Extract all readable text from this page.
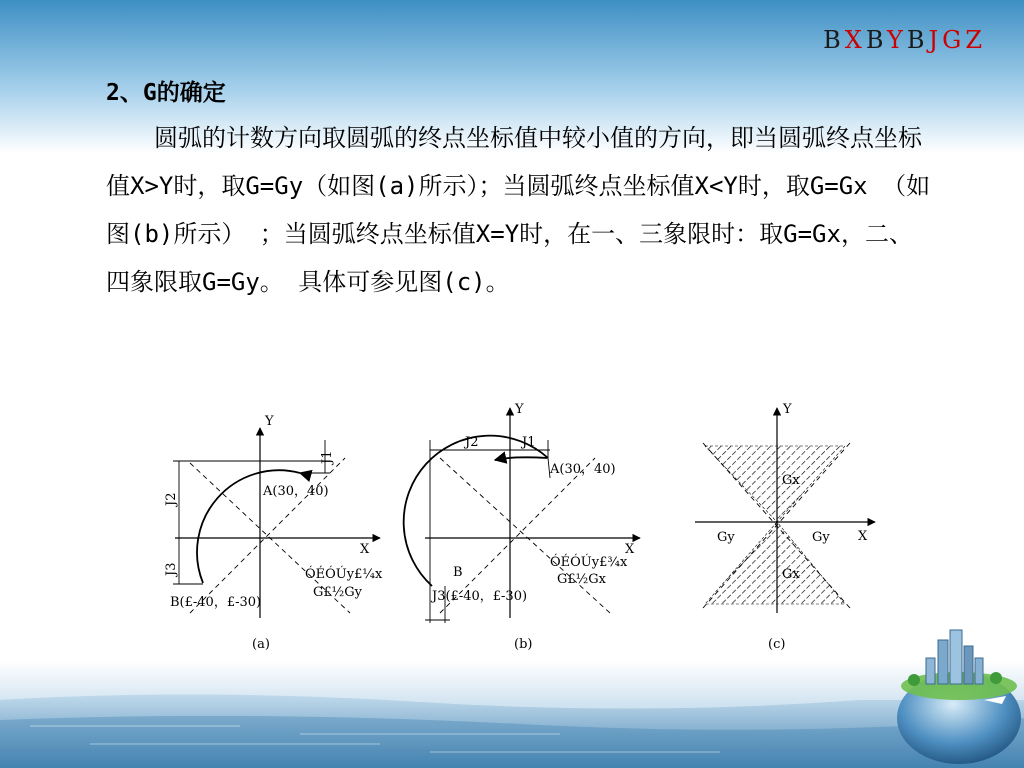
BXBYBJGZ
2、G的确定

　　圆弧的计数方向取圆弧的终点坐标值中较小值的方向，即当圆弧终点坐标值X>Y时，取G=Gy（如图(a)所示）；当圆弧终点坐标值X<Y时，取G=Gx （如图(b)所示） ；当圆弧终点坐标值X=Y时，在一、三象限时：取G=Gx，二、四象限取G=Gy。 具体可参见图(c)。

Y
X
J1
J2
J3
A(30，40)
B(£-40，£-30)
ÓÉÓÚy£¼x
G£½Gy
(a)
Y
X
J2	J1
A(30，40)
B
J3(£-40，£-30)
ÓÉÓÚy£¾x
G£½Gx
(b)
Y
X
Gx
Gx
Gy	Gy
(c)
